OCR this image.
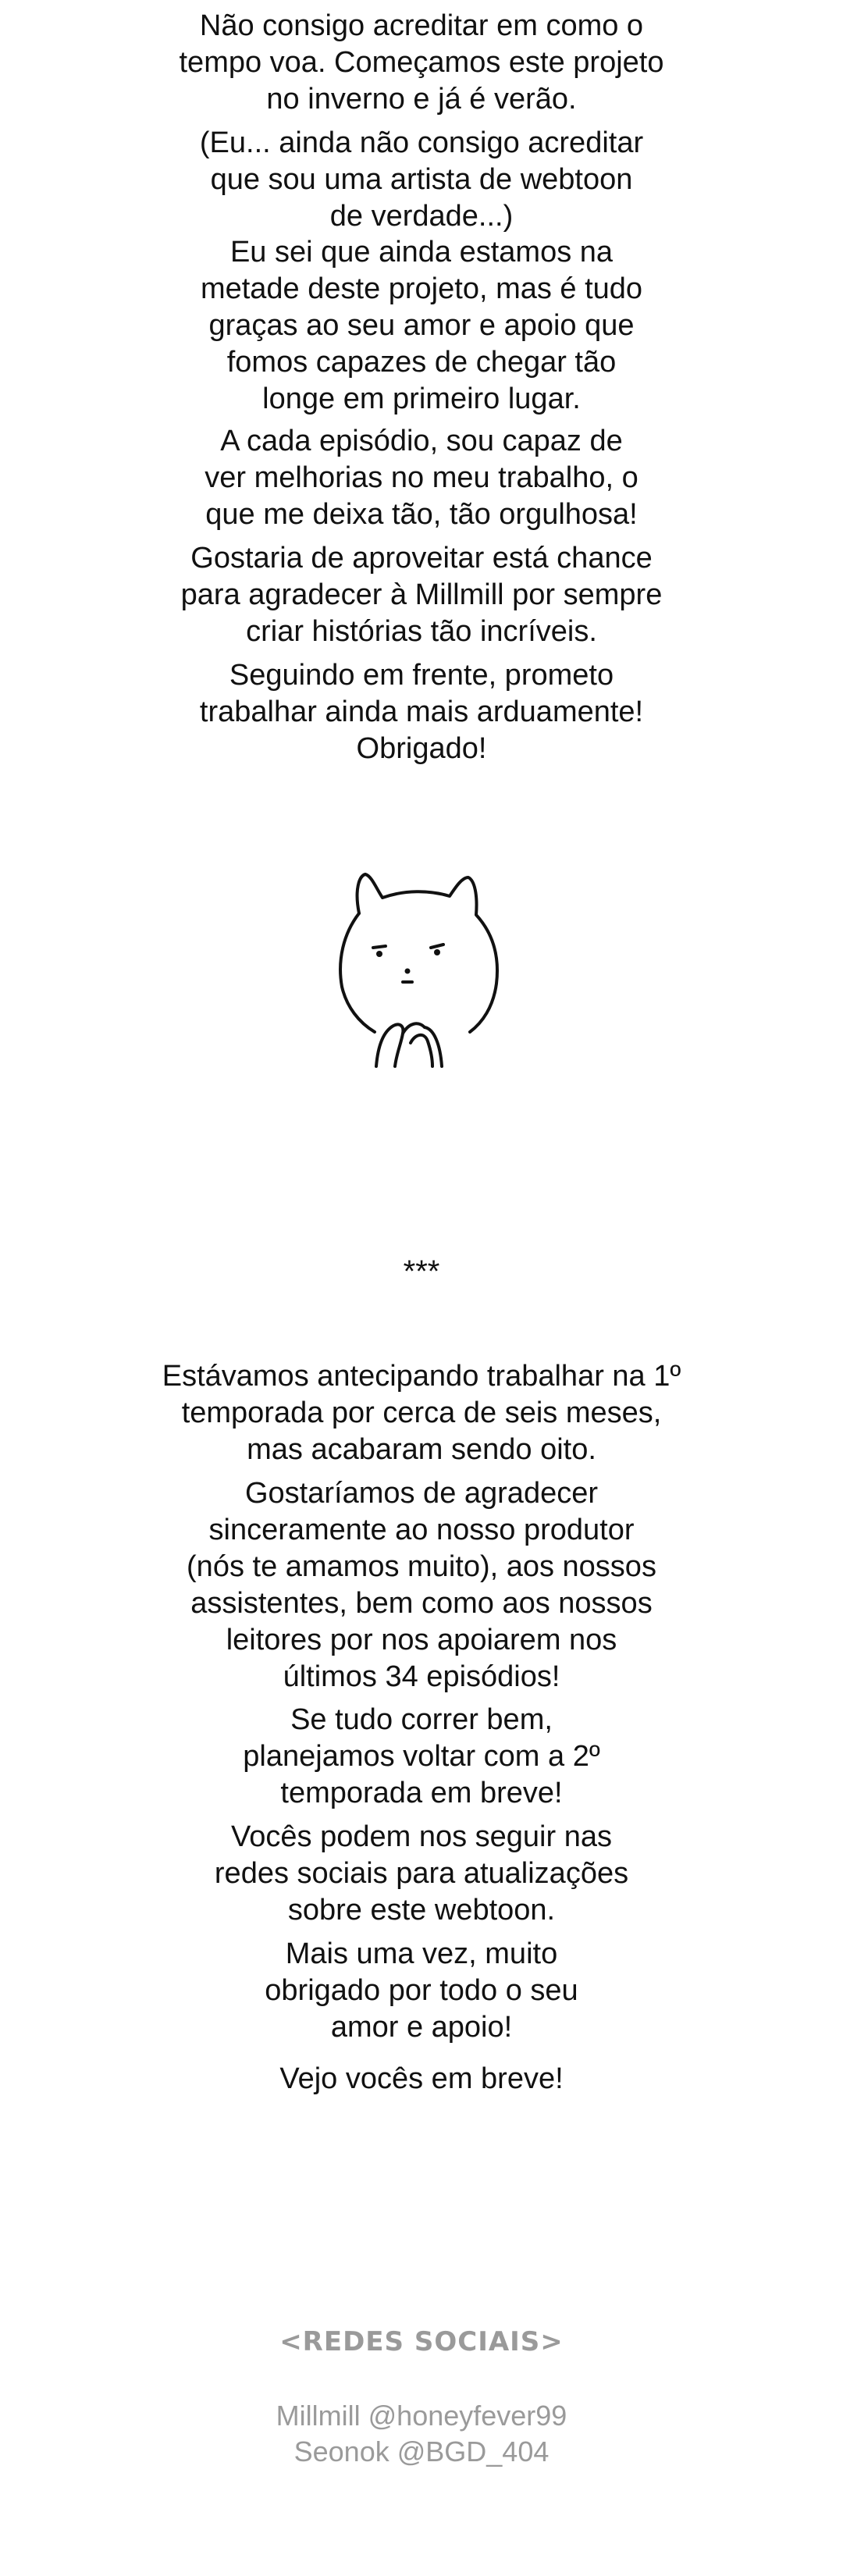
Não consigo acreditar em como o
tempo voa. Começamos este projeto
no inverno e já é verão.
(Eu... ainda não consigo acreditar
que sou uma artista de webtoon
de verdade...)
Eu sei que ainda estamos na
metade deste projeto, mas é tudo
graças ao seu amor e apoio que
fomos capazes de chegar tão
longe em primeiro lugar.
A cada episódio, sou capaz de
ver melhorias no meu trabalho, o
que me deixa tão, tão orgulhosa!
Gostaria de aproveitar está chance
para agradecer à Millmill por sempre
criar histórias tão incríveis.
Seguindo em frente, prometo
trabalhar ainda mais arduamente!
Obrigado!
***
Estávamos antecipando trabalhar na 1º
temporada por cerca de seis meses,
mas acabaram sendo oito.
Gostaríamos de agradecer
sinceramente ao nosso produtor
(nós te amamos muito), aos nossos
assistentes, bem como aos nossos
leitores por nos apoiarem nos
últimos 34 episódios!
Se tudo correr bem,
planejamos voltar com a 2º
temporada em breve!
Vocês podem nos seguir nas
redes sociais para atualizações
sobre este webtoon.
Mais uma vez, muito
obrigado por todo o seu
amor e apoio!
Vejo vocês em breve!
<REDES SOCIAIS>
Millmill @honeyfever99
Seonok @BGD_404
